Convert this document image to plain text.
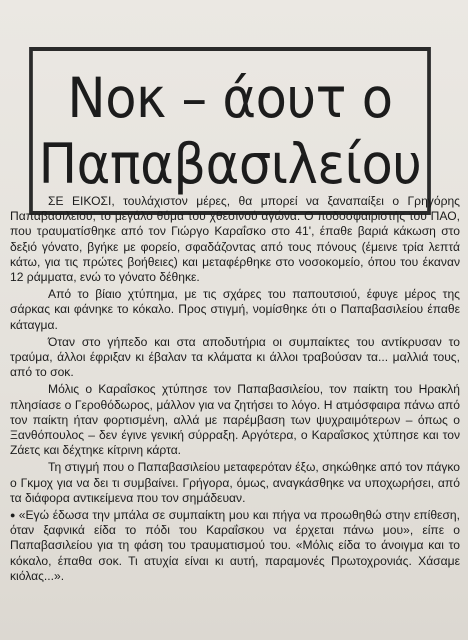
Νοκ – άουτ ο
Παπαβασιλείου

ΣΕ ΕΙΚΟΣΙ, τουλάχιστον μέρες, θα μπορεί να ξαναπαίξει ο Γρηγόρης Παπαβασιλείου, το μεγάλο θύμα του χθεσινού αγώνα. Ο ποδοσφαιριστής του ΠΑΟ, που τραυματίσθηκε από τον Γιώργο Καραΐσκο στο 41', έπαθε βαριά κάκωση στο δεξιό γόνατο, βγήκε με φορείο, σφαδάζοντας από τους πόνους (έμεινε τρία λεπτά κάτω, για τις πρώτες βοήθειες) και μεταφέρθηκε στο νοσοκομείο, όπου του έκαναν 12 ράμματα, ενώ το γόνατο δέθηκε.

Από το βίαιο χτύπημα, με τις σχάρες του παπουτσιού, έφυγε μέρος της σάρκας και φάνηκε το κόκαλο. Προς στιγμή, νομίσθηκε ότι ο Παπαβασιλείου έπαθε κάταγμα.

Όταν στο γήπεδο και στα αποδυτήρια οι συμπαίκτες του αντίκρυσαν το τραύμα, άλλοι έφριξαν κι έβαλαν τα κλάματα κι άλλοι τραβούσαν τα... μαλλιά τους, από το σοκ.

Μόλις ο Καραΐσκος χτύπησε τον Παπαβασιλείου, τον παίκτη του Ηρακλή πλησίασε ο Γεροθόδωρος, μάλλον για να ζητήσει το λόγο. Η ατμόσφαιρα πάνω από τον παίκτη ήταν φορτισμένη, αλλά με παρέμβαση των ψυχραιμότερων – όπως ο Ξανθόπουλος – δεν έγινε γενική σύρραξη. Αργότερα, ο Καραΐσκος χτύπησε και τον Ζάετς και δέχτηκε κίτρινη κάρτα.

Τη στιγμή που ο Παπαβασιλείου μεταφερόταν έξω, σηκώθηκε από τον πάγκο ο Γκμοχ για να δει τι συμβαίνει. Γρήγορα, όμως, αναγκάσθηκε να υποχωρήσει, από τα διάφορα αντικείμενα που τον σημάδευαν.

● «Εγώ έδωσα την μπάλα σε συμπαίκτη μου και πήγα να προωθηθώ στην επίθεση, όταν ξαφνικά είδα το πόδι του Καραΐσκου να έρχεται πάνω μου», είπε ο Παπαβασιλείου για τη φάση του τραυματισμού του. «Μόλις είδα το άνοιγμα και το κόκαλο, έπαθα σοκ. Τι ατυχία είναι κι αυτή, παραμονές Πρωτοχρονιάς. Χάσαμε κιόλας...».
